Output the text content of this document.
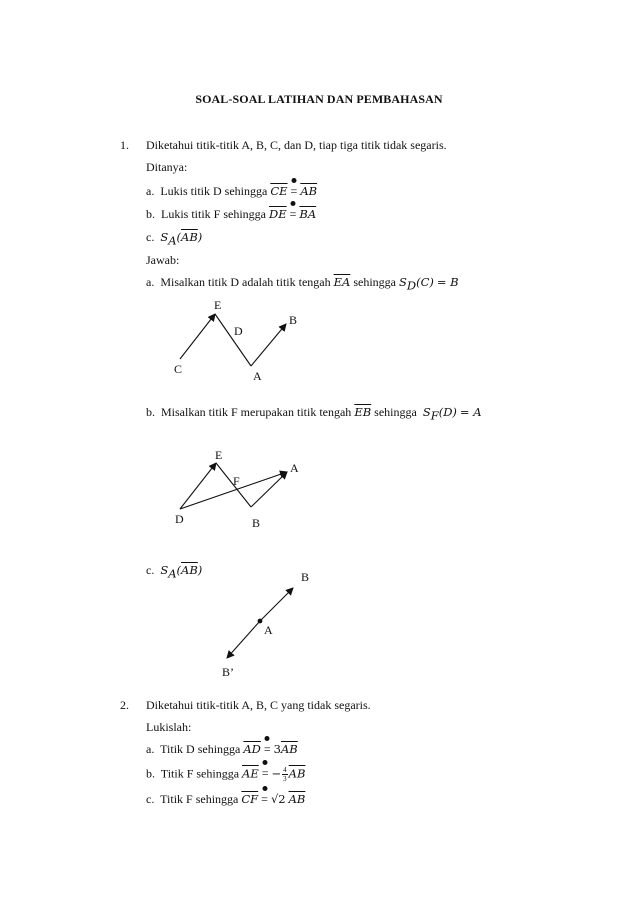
SOAL-SOAL LATIHAN DAN PEMBAHASAN
1. Diketahui titik-titik A, B, C, dan D, tiap tiga titik tidak segaris.
Ditanya:
a. Lukis titik D sehingga $\overline{CE} = \overline{AB}$
b. Lukis titik F sehingga $\overline{DE} = \overline{BA}$
c. $S_A(\overline{AB})$
Jawab:
a. Misalkan titik D adalah titik tengah $\overline{EA}$ sehingga $S_D(C) = B$
E
D
B
C	A
b. Misalkan titik F merupakan titik tengah $\overline{EB}$ sehingga $S_F(D) = A$
E
F
A
D	B
c. $S_A(\overline{AB})$	B
A
B’
2. Diketahui titik-titik A, B, C yang tidak segaris.
Lukislah:
a. Titik D sehingga $\overline{AD} = 3\overline{AB}$
b. Titik F sehingga $\overline{AE}$ = − $\frac{4}{3} \overline{AB}$
c. Titik F sehingga $\overline{CF} = √2$ $\overline{AB}$
